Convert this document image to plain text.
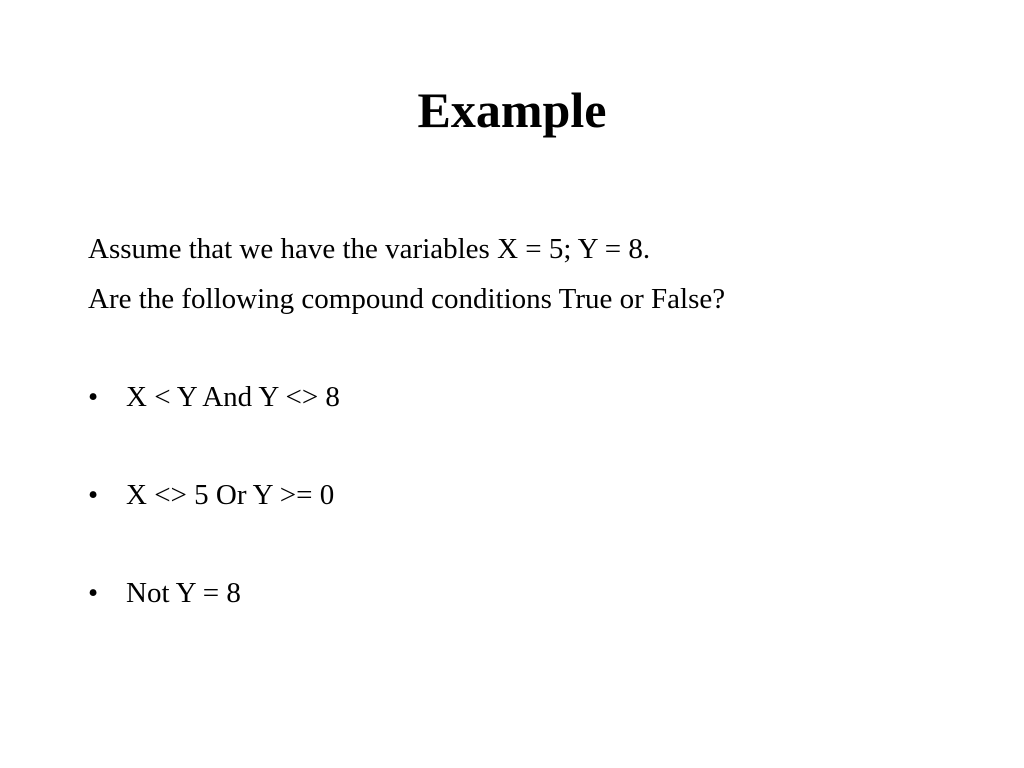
Example

Assume that we have the variables X = 5; Y = 8.

Are the following compound conditions True or False?

• X < Y And Y <> 8
• X <> 5 Or Y >= 0
• Not Y = 8
